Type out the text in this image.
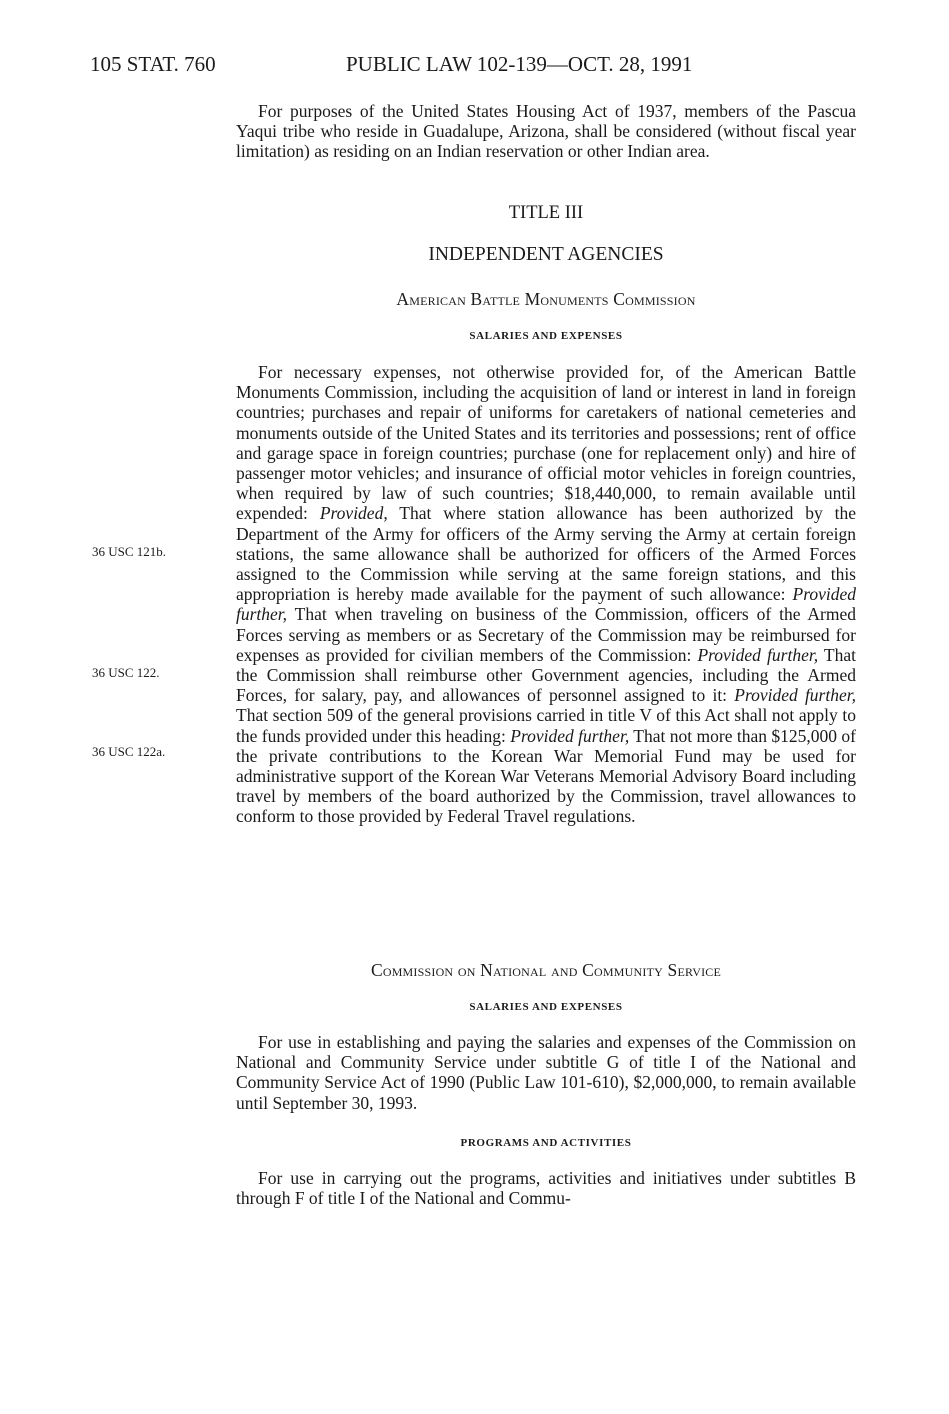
105 STAT. 760	PUBLIC LAW 102-139—OCT. 28, 1991

For purposes of the United States Housing Act of 1937, members of the Pascua Yaqui tribe who reside in Guadalupe, Arizona, shall be considered (without fiscal year limitation) as residing on an Indian reservation or other Indian area.

TITLE III
INDEPENDENT AGENCIES
American Battle Monuments Commission
SALARIES AND EXPENSES

For necessary expenses, not otherwise provided for, of the American Battle Monuments Commission, including the acquisition of land or interest in land in foreign countries; purchases and repair of uniforms for caretakers of national cemeteries and monuments outside of the United States and its territories and possessions; rent of office and garage space in foreign countries; purchase (one for replacement only) and hire of passenger motor vehicles; and insurance of official motor vehicles in foreign countries, when required by law of such countries; $18,440,000, to remain available until expended: Provided, That where station allowance has been authorized by the Department of the Army for officers of the Army serving the Army at certain foreign stations, the same allowance shall be authorized for officers of the Armed Forces assigned to the Commission while serving at the same foreign stations, and this appropriation is hereby made available for the payment of such allowance: Provided further, That when traveling on business of the Commission, officers of the Armed Forces serving as members or as Secretary of the Commission may be reimbursed for expenses as provided for civilian members of the Commission: Provided further, That the Commission shall reimburse other Government agencies, including the Armed Forces, for salary, pay, and allowances of personnel assigned to it: Provided further, That section 509 of the general provisions carried in title V of this Act shall not apply to the funds provided under this heading: Provided further, That not more than $125,000 of the private contributions to the Korean War Memorial Fund may be used for administrative support of the Korean War Veterans Memorial Advisory Board including travel by members of the board authorized by the Commission, travel allowances to conform to those provided by Federal Travel regulations.

36 USC 121b.
36 USC 122.
36 USC 122a.
Commission on National and Community Service
SALARIES AND EXPENSES

For use in establishing and paying the salaries and expenses of the Commission on National and Community Service under subtitle G of title I of the National and Community Service Act of 1990 (Public Law 101-610), $2,000,000, to remain available until September 30, 1993.

PROGRAMS AND ACTIVITIES

For use in carrying out the programs, activities and initiatives under subtitles B through F of title I of the National and Commu-
